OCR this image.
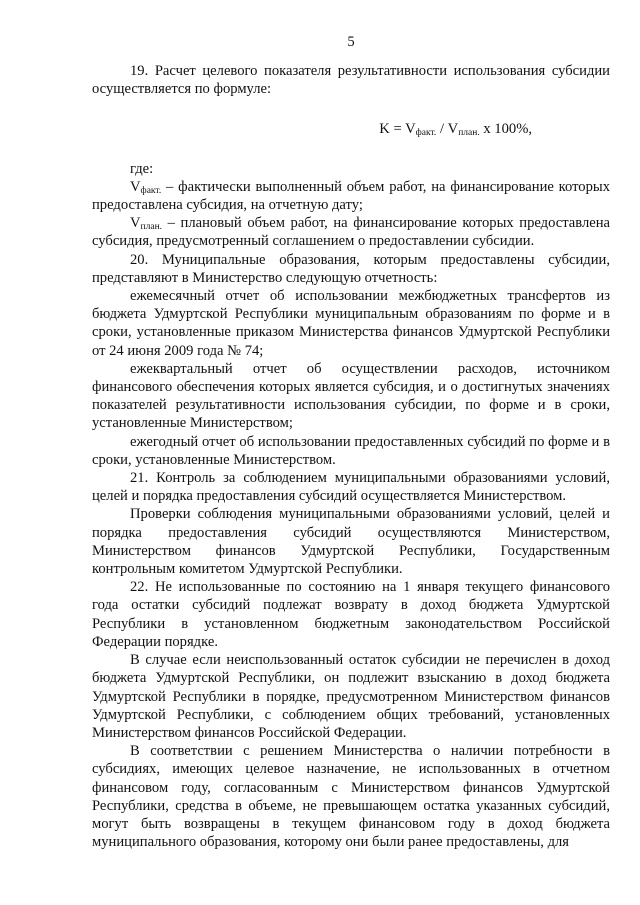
5

19. Расчет целевого показателя результативности использования субсидии осуществляется по формуле:

$K = V_{факт.} / V_{план.}$ x 100%,

где:

$V_{факт.}$ – фактически выполненный объем работ, на финансирование которых предоставлена субсидия, на отчетную дату;

$V_{план.}$ – плановый объем работ, на финансирование которых предоставлена субсидия, предусмотренный соглашением о предоставлении субсидии.

20. Муниципальные образования, которым предоставлены субсидии, представляют в Министерство следующую отчетность:

ежемесячный отчет об использовании межбюджетных трансфертов из бюджета Удмуртской Республики муниципальным образованиям по форме и в сроки, установленные приказом Министерства финансов Удмуртской Республики от 24 июня 2009 года № 74;

ежеквартальный отчет об осуществлении расходов, источником финансового обеспечения которых является субсидия, и о достигнутых значениях показателей результативности использования субсидии, по форме и в сроки, установленные Министерством;

ежегодный отчет об использовании предоставленных субсидий по форме и в сроки, установленные Министерством.

21. Контроль за соблюдением муниципальными образованиями условий, целей и порядка предоставления субсидий осуществляется Министерством.

Проверки соблюдения муниципальными образованиями условий, целей и порядка предоставления субсидий осуществляются Министерством, Министерством финансов Удмуртской Республики, Государственным контрольным комитетом Удмуртской Республики.

22. Не использованные по состоянию на 1 января текущего финансового года остатки субсидий подлежат возврату в доход бюджета Удмуртской Республики в установленном бюджетным законодательством Российской Федерации порядке.

В случае если неиспользованный остаток субсидии не перечислен в доход бюджета Удмуртской Республики, он подлежит взысканию в доход бюджета Удмуртской Республики в порядке, предусмотренном Министерством финансов Удмуртской Республики, с соблюдением общих требований, установленных Министерством финансов Российской Федерации.

В соответствии с решением Министерства о наличии потребности в субсидиях, имеющих целевое назначение, не использованных в отчетном финансовом году, согласованным с Министерством финансов Удмуртской Республики, средства в объеме, не превышающем остатка указанных субсидий, могут быть возвращены в текущем финансовом году в доход бюджета муниципального образования, которому они были ранее предоставлены, для
